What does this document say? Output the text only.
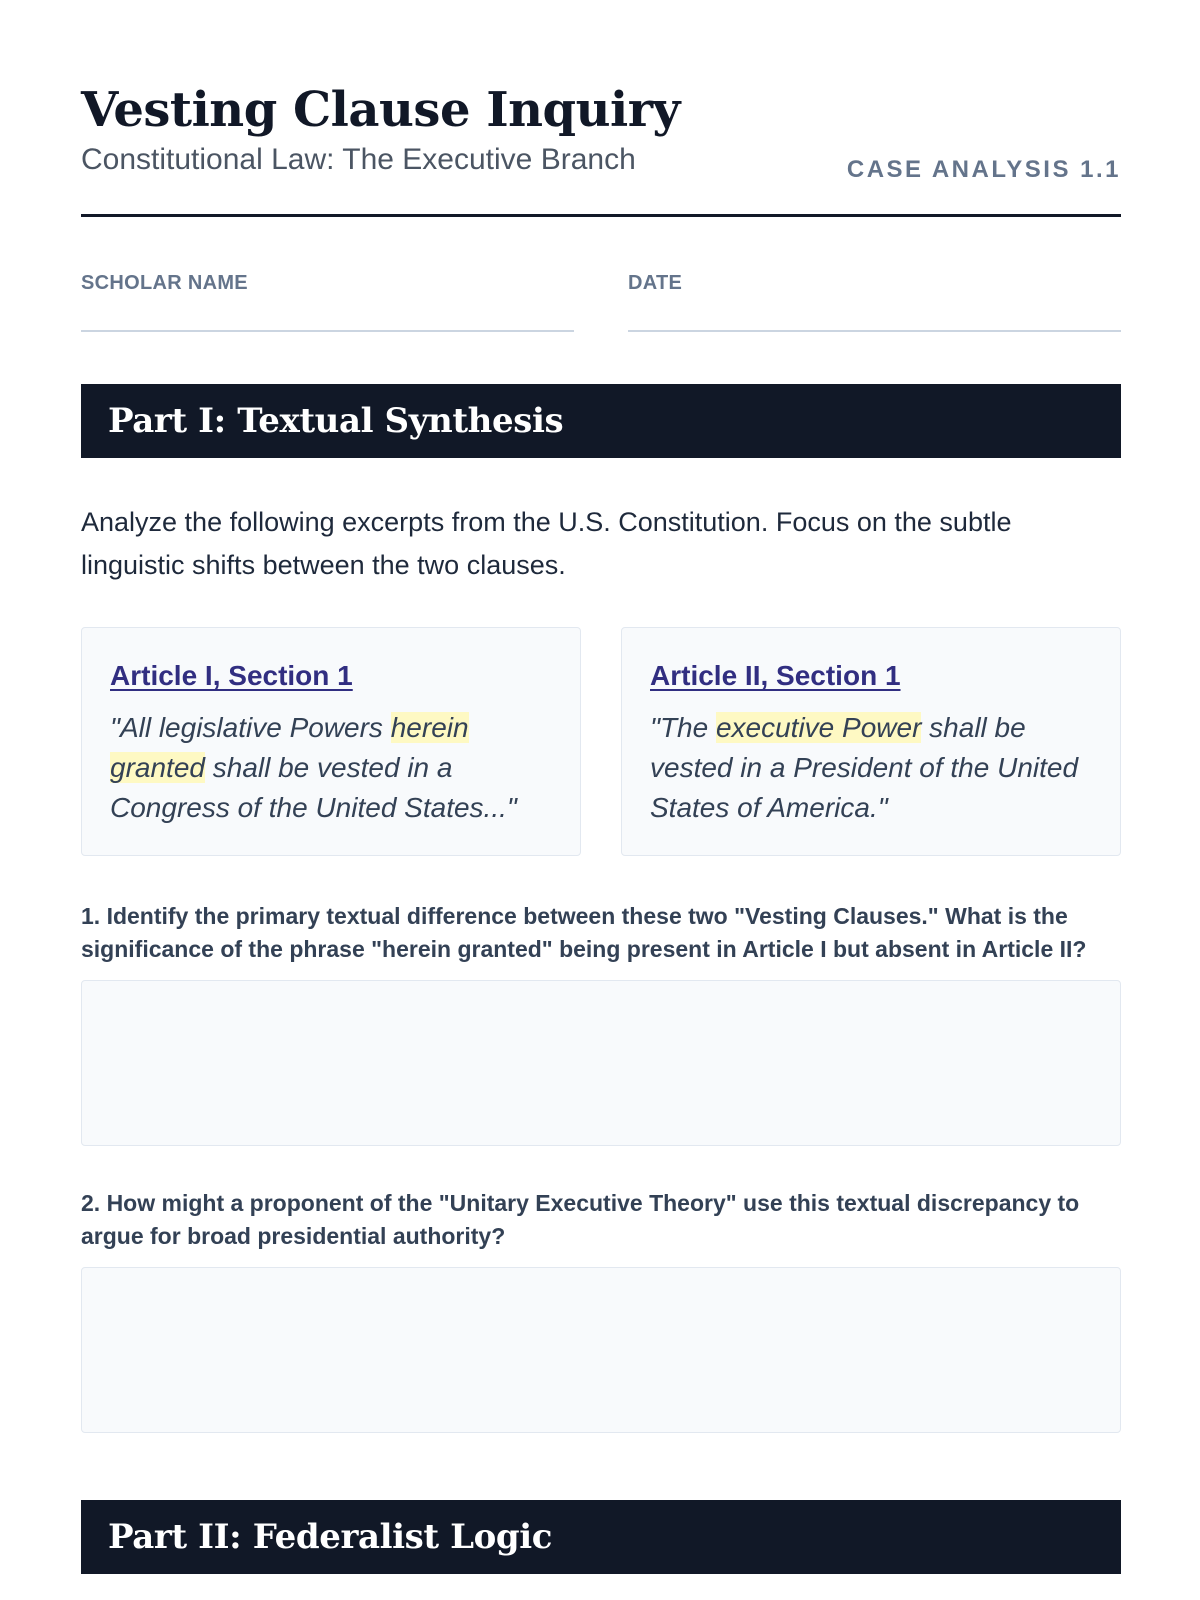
Vesting Clause Inquiry
Constitutional Law: The Executive Branch	CASE ANALYSIS 1.1
SCHOLAR NAME	DATE
Part I: Textual Synthesis

Analyze the following excerpts from the U.S. Constitution. Focus on the subtle linguistic shifts between the two clauses.

Article I, Section 1
"All legislative Powers herein granted shall be vested in a Congress of the United States..."
Article II, Section 1
"The executive Power shall be vested in a President of the United States of America."
1. Identify the primary textual difference between these two "Vesting Clauses." What is the significance of the phrase "herein granted" being present in Article I but absent in Article II?
2. How might a proponent of the "Unitary Executive Theory" use this textual discrepancy to argue for broad presidential authority?
Part II: Federalist Logic
